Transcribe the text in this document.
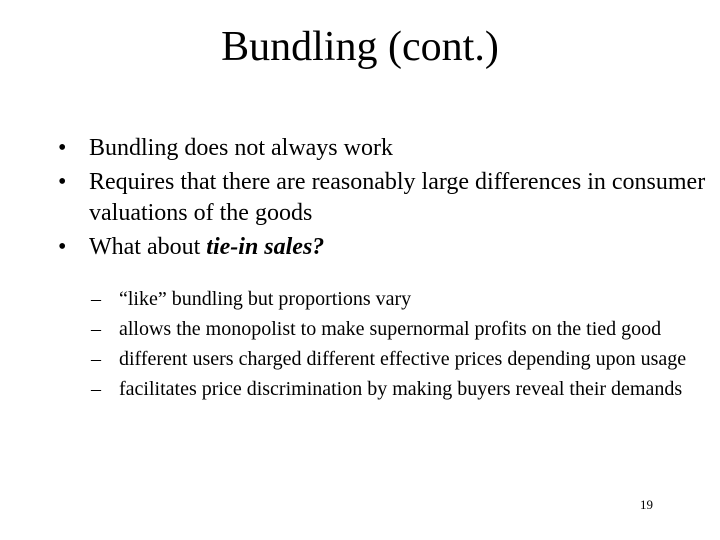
Bundling (cont.)
• Bundling does not always work
• Requires that there are reasonably large differences in consumer valuations of the goods
• What about tie-in sales?
– “like” bundling but proportions vary
– allows the monopolist to make supernormal profits on the tied good
– different users charged different effective prices depending upon usage
– facilitates price discrimination by making buyers reveal their demands
19
